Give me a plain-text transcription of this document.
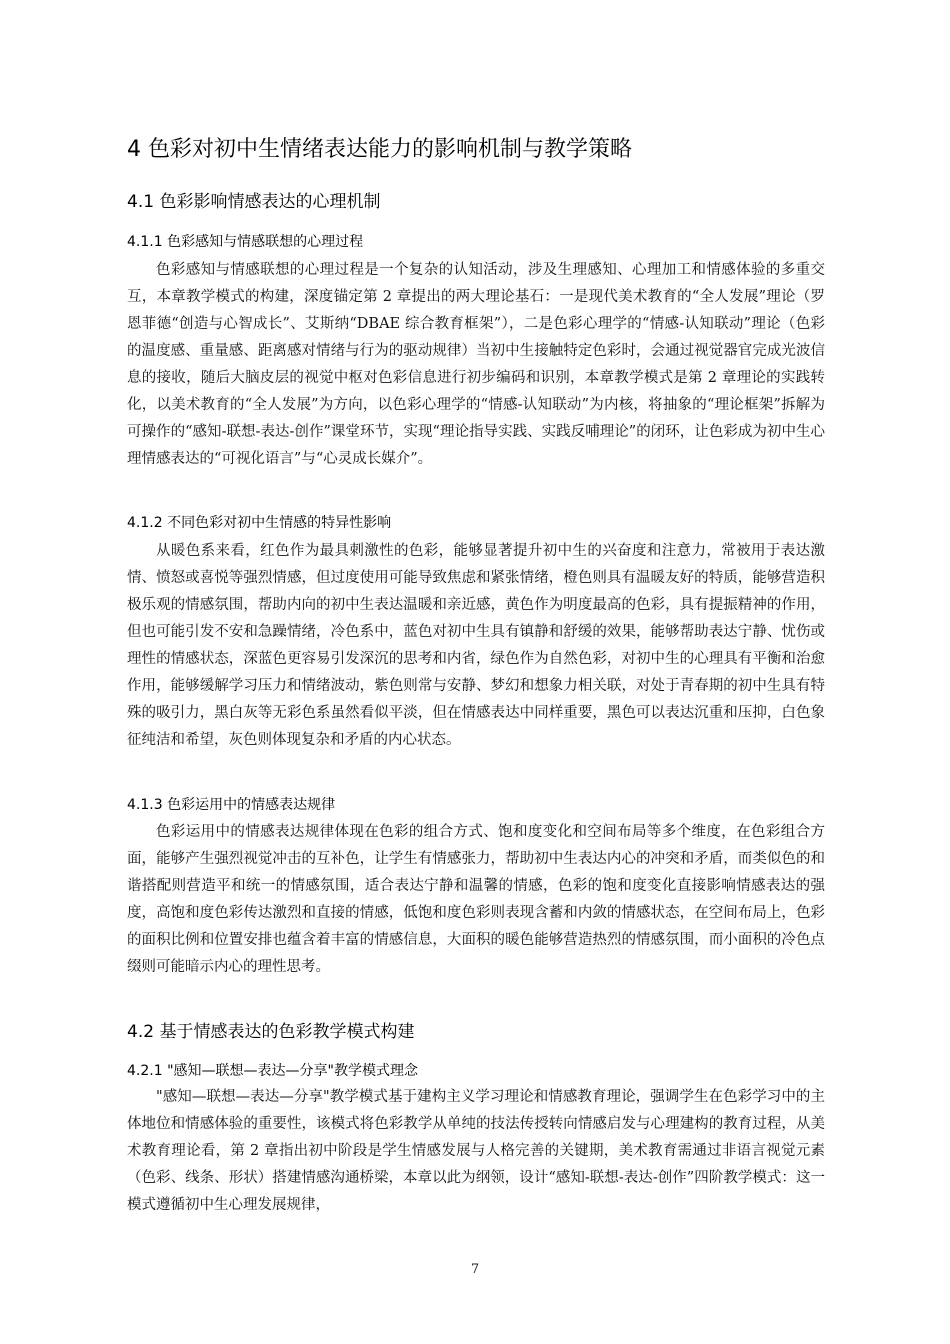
4 色彩对初中生情绪表达能力的影响机制与教学策略
4.1 色彩影响情感表达的心理机制
4.1.1 色彩感知与情感联想的心理过程

色彩感知与情感联想的心理过程是一个复杂的认知活动，涉及生理感知、心理加工和情感体验的多重交互，本章教学模式的构建，深度锚定第 2 章提出的两大理论基石：一是现代美术教育的“全人发展”理论（罗恩菲德“创造与心智成长”、艾斯纳“DBAE 综合教育框架”），二是色彩心理学的“情感-认知联动”理论（色彩的温度感、重量感、距离感对情绪与行为的驱动规律）当初中生接触特定色彩时，会通过视觉器官完成光波信息的接收，随后大脑皮层的视觉中枢对色彩信息进行初步编码和识别，本章教学模式是第 2 章理论的实践转化，以美术教育的“全人发展”为方向，以色彩心理学的“情感-认知联动”为内核，将抽象的“理论框架”拆解为可操作的“感知-联想-表达-创作”课堂环节，实现“理论指导实践、实践反哺理论”的闭环，让色彩成为初中生心理情感表达的“可视化语言”与“心灵成长媒介”。

4.1.2 不同色彩对初中生情感的特异性影响

从暖色系来看，红色作为最具刺激性的色彩，能够显著提升初中生的兴奋度和注意力，常被用于表达激情、愤怒或喜悦等强烈情感，但过度使用可能导致焦虑和紧张情绪，橙色则具有温暖友好的特质，能够营造积极乐观的情感氛围，帮助内向的初中生表达温暖和亲近感，黄色作为明度最高的色彩，具有提振精神的作用，但也可能引发不安和急躁情绪，冷色系中，蓝色对初中生具有镇静和舒缓的效果，能够帮助表达宁静、忧伤或理性的情感状态，深蓝色更容易引发深沉的思考和内省，绿色作为自然色彩，对初中生的心理具有平衡和治愈作用，能够缓解学习压力和情绪波动，紫色则常与安静、梦幻和想象力相关联，对处于青春期的初中生具有特殊的吸引力，黑白灰等无彩色系虽然看似平淡，但在情感表达中同样重要，黑色可以表达沉重和压抑，白色象征纯洁和希望，灰色则体现复杂和矛盾的内心状态。

4.1.3 色彩运用中的情感表达规律

色彩运用中的情感表达规律体现在色彩的组合方式、饱和度变化和空间布局等多个维度，在色彩组合方面，能够产生强烈视觉冲击的互补色，让学生有情感张力，帮助初中生表达内心的冲突和矛盾，而类似色的和谐搭配则营造平和统一的情感氛围，适合表达宁静和温馨的情感，色彩的饱和度变化直接影响情感表达的强度，高饱和度色彩传达激烈和直接的情感，低饱和度色彩则表现含蓄和内敛的情感状态，在空间布局上，色彩的面积比例和位置安排也蕴含着丰富的情感信息，大面积的暖色能够营造热烈的情感氛围，而小面积的冷色点缀则可能暗示内心的理性思考。

4.2 基于情感表达的色彩教学模式构建
4.2.1 "感知—联想—表达—分享"教学模式理念

"感知—联想—表达—分享"教学模式基于建构主义学习理论和情感教育理论，强调学生在色彩学习中的主体地位和情感体验的重要性，该模式将色彩教学从单纯的技法传授转向情感启发与心理建构的教育过程，从美术教育理论看，第 2 章指出初中阶段是学生情感发展与人格完善的关键期，美术教育需通过非语言视觉元素（色彩、线条、形状）搭建情感沟通桥梁，本章以此为纲领，设计“感知-联想-表达-创作”四阶教学模式：这一模式遵循初中生心理发展规律，

7
